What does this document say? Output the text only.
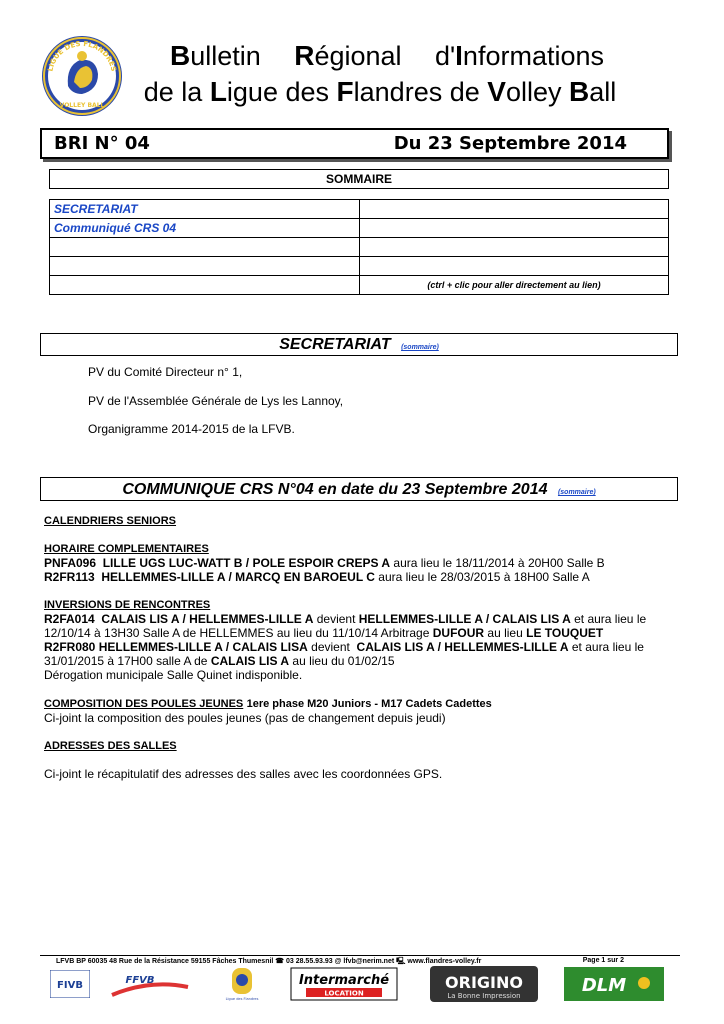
LIGUE DES FLANDRES
VOLLEY BALL
Bulletin Régional d'Informations
de la Ligue des Flandres de Volley Ball
BRI N° 04	Du 23 Septembre 2014
SOMMAIRE
SECRETARIAT	
Communiqué CRS 04	

	(ctrl + clic pour aller directement au lien)
SECRETARIAT (sommaire)
PV du Comité Directeur n° 1,
PV de l'Assemblée Générale de Lys les Lannoy,
Organigramme 2014-2015 de la LFVB.
COMMUNIQUE CRS N°04 en date du 23 Septembre 2014 (sommaire)

CALENDRIERS SENIORS

HORAIRE COMPLEMENTAIRES

PNFA096 LILLE UGS LUC-WATT B / POLE ESPOIR CREPS A aura lieu le 18/11/2014 à 20H00 Salle B

R2FR113 HELLEMMES-LILLE A / MARCQ EN BAROEUL C aura lieu le 28/03/2015 à 18H00 Salle A

INVERSIONS DE RENCONTRES

R2FA014 CALAIS LIS A / HELLEMMES-LILLE A devient HELLEMMES-LILLE A / CALAIS LIS A et aura lieu le

12/10/14 à 13H30 Salle A de HELLEMMES au lieu du 11/10/14 Arbitrage DUFOUR au lieu LE TOUQUET

R2FR080 HELLEMMES-LILLE A / CALAIS LISA devient CALAIS LIS A / HELLEMMES-LILLE A et aura lieu le

31/01/2015 à 17H00 salle A de CALAIS LIS A au lieu du 01/02/15

Dérogation municipale Salle Quinet indisponible.

COMPOSITION DES POULES JEUNES 1ere phase M20 Juniors - M17 Cadets Cadettes

Ci-joint la composition des poules jeunes (pas de changement depuis jeudi)

ADRESSES DES SALLES

Ci-joint le récapitulatif des adresses des salles avec les coordonnées GPS.

LFVB BP 60035 48 Rue de la Résistance 59155 Fâches Thumesnil ☎ 03 28.55.93.93 @ lfvb@nerim.net 🖳 www.flandres-volley.fr	Page 1 sur 2
FIVB	FFVB
Ligue des Flandres
Intermarché
LOCATION
ORIGINO
La Bonne Impression	DLM
